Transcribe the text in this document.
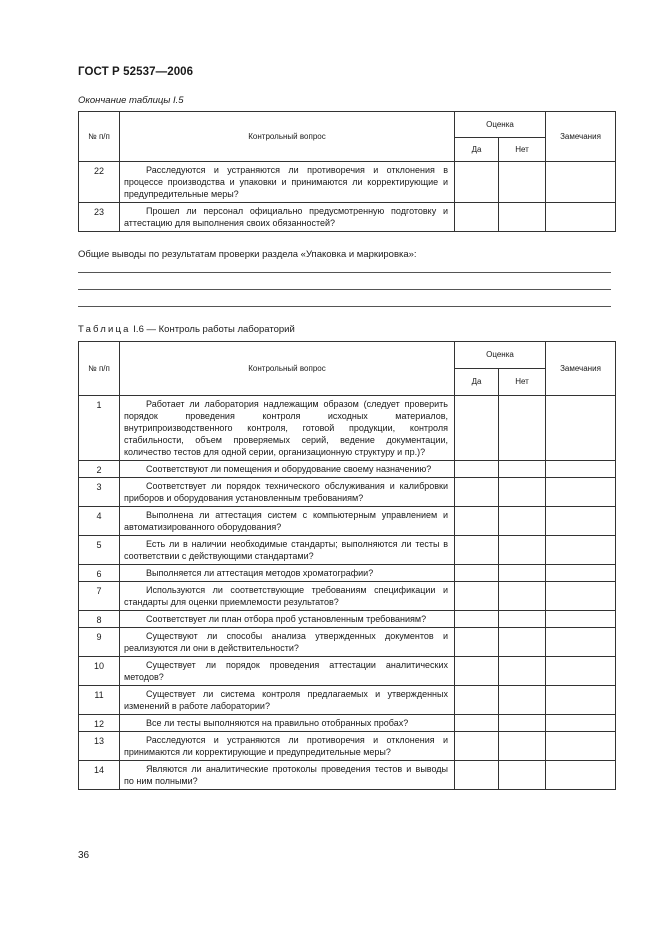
ГОСТ Р 52537—2006
Окончание таблицы I.5
№ п/п	Контрольный вопрос	Оценка		Замечания
		Да	Нет	
22	Расследуются и устраняются ли противоречия и отклонения в процессе производства и упаковки и принимаются ли корректирующие и предупредительные меры?			
23	Прошел ли персонал официально предусмотренную подготовку и аттестацию для выполнения своих обязанностей?			
Общие выводы по результатам проверки раздела «Упаковка и маркировка»:
Таблица I.6 — Контроль работы лабораторий
№ п/п	Контрольный вопрос	Оценка		Замечания
		Да	Нет	
1	Работает ли лаборатория надлежащим образом (следует проверить порядок проведения контроля исходных материалов, внутрипроизводственного контроля, готовой продукции, контроля стабильности, объем проверяемых серий, ведение документации, количество тестов для одной серии, организационную структуру и пр.)?			
2	Соответствуют ли помещения и оборудование своему назначению?			
3	Соответствует ли порядок технического обслуживания и калибровки приборов и оборудования установленным требованиям?			
4	Выполнена ли аттестация систем с компьютерным управлением и автоматизированного оборудования?			
5	Есть ли в наличии необходимые стандарты; выполняются ли тесты в соответствии с действующими стандартами?			
6	Выполняется ли аттестация методов хроматографии?			
7	Используются ли соответствующие требованиям спецификации и стандарты для оценки приемлемости результатов?			
8	Соответствует ли план отбора проб установленным требованиям?			
9	Существуют ли способы анализа утвержденных документов и реализуются ли они в действительности?			
10	Существует ли порядок проведения аттестации аналитических методов?			
11	Существует ли система контроля предлагаемых и утвержденных изменений в работе лаборатории?			
12	Все ли тесты выполняются на правильно отобранных пробах?			
13	Расследуются и устраняются ли противоречия и отклонения и принимаются ли корректирующие и предупредительные меры?			
14	Являются ли аналитические протоколы проведения тестов и выводы по ним полными?			
36
